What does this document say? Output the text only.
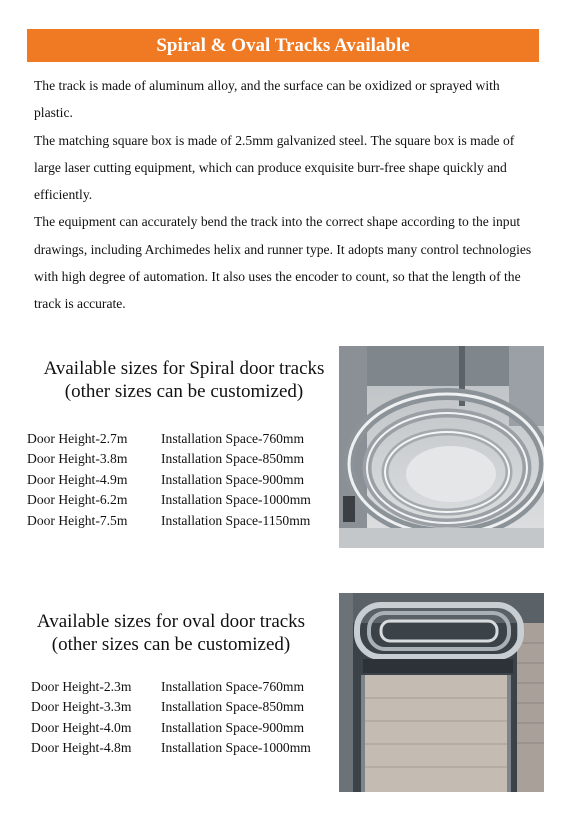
Spiral & Oval Tracks Available

The track is made of aluminum alloy, and the surface can be oxidized or sprayed with plastic.

The matching square box is made of 2.5mm galvanized steel. The square box is made of large laser cutting equipment, which can produce exquisite burr-free shape quickly and efficiently.

The equipment can accurately bend the track into the correct shape according to the input drawings, including Archimedes helix and runner type. It adopts many control technologies with high degree of automation. It also uses the encoder to count, so that the length of the track is accurate.

Available sizes for Spiral door tracks
(other sizes can be customized)
Door Height-2.7m	Installation Space-760mm
Door Height-3.8m	Installation Space-850mm
Door Height-4.9m	Installation Space-900mm
Door Height-6.2m	Installation Space-1000mm
Door Height-7.5m	Installation Space-1150mm
Available sizes for oval door tracks
(other sizes can be customized)
Door Height-2.3m	Installation Space-760mm
Door Height-3.3m	Installation Space-850mm
Door Height-4.0m	Installation Space-900mm
Door Height-4.8m	Installation Space-1000mm
